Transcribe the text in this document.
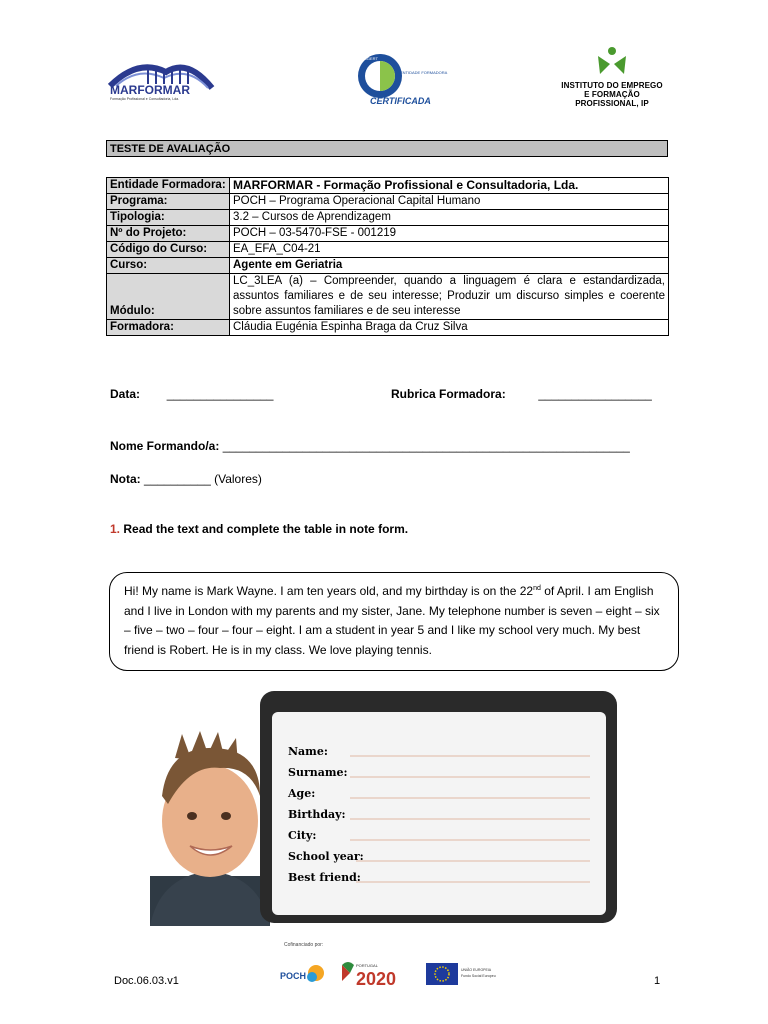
MARFORMAR
Formação Profissional e Consultadoria, Lda.
DGERT
ENTIDADE FORMADORA
CERTIFICADA
INSTITUTO DO EMPREGO
E FORMAÇÃO PROFISSIONAL, IP
TESTE DE AVALIAÇÃO
Entidade Formadora:	MARFORMAR - Formação Profissional e Consultadoria, Lda.
Programa:	POCH – Programa Operacional Capital Humano
Tipologia:	3.2 – Cursos de Aprendizagem
Nº do Projeto:	POCH – 03-5470-FSE - 001219
Código do Curso:	EA_EFA_C04-21
Curso:	Agente em Geriatria
Módulo:	LC_3LEA (a) – Compreender, quando a linguagem é clara e estandardizada, assuntos familiares e de seu interesse; Produzir um discurso simples e coerente sobre assuntos familiares e de seu interesse
Formadora:	Cláudia Eugénia Espinha Braga da Cruz Silva
Data: ________________	Rubrica Formadora:	_________________
Nome Formando/a: _____________________________________________________________
Nota: __________ (Valores)
1. Read the text and complete the table in note form.
Hi! My name is Mark Wayne. I am ten years old, and my birthday is on the 22nd of April. I am English and I live in London with my parents and my sister, Jane. My telephone number is seven – eight – six – five – two – four – four – eight. I am a student in year 5 and I like my school very much. My best friend is Robert. He is in my class. We love playing tennis.
Name:
Surname:
Age:
Birthday:
City:
School year:
Best friend:
Cofinanciado por:
POCH
PORTUGAL
2020	UNIÃO EUROPEIA
Fundo Social Europeu
Doc.06.03.v1	1
